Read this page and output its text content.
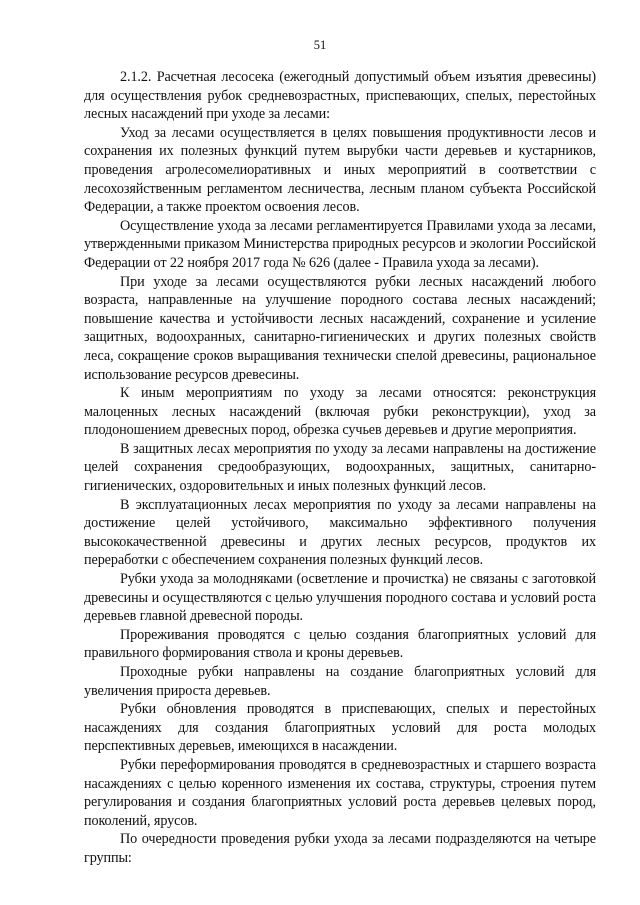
51

2.1.2. Расчетная лесосека (ежегодный допустимый объем изъятия древесины) для осуществления рубок средневозрастных, приспевающих, спелых, перестойных лесных насаждений при уходе за лесами:

Уход за лесами осуществляется в целях повышения продуктивности лесов и сохранения их полезных функций путем вырубки части деревьев и кустарников, проведения агролесомелиоративных и иных мероприятий в соответствии с лесохозяйственным регламентом лесничества, лесным планом субъекта Российской Федерации, а также проектом освоения лесов.

Осуществление ухода за лесами регламентируется Правилами ухода за лесами, утвержденными приказом Министерства природных ресурсов и экологии Российской Федерации от 22 ноября 2017 года № 626 (далее - Правила ухода за лесами).

При уходе за лесами осуществляются рубки лесных насаждений любого возраста, направленные на улучшение породного состава лесных насаждений; повышение качества и устойчивости лесных насаждений, сохранение и усиление защитных, водоохранных, санитарно-гигиенических и других полезных свойств леса, сокращение сроков выращивания технически спелой древесины, рациональное использование ресурсов древесины.

К иным мероприятиям по уходу за лесами относятся: реконструкция малоценных лесных насаждений (включая рубки реконструкции), уход за плодоношением древесных пород, обрезка сучьев деревьев и другие мероприятия.

В защитных лесах мероприятия по уходу за лесами направлены на достижение целей сохранения средообразующих, водоохранных, защитных, санитарно-гигиенических, оздоровительных и иных полезных функций лесов.

В эксплуатационных лесах мероприятия по уходу за лесами направлены на достижение целей устойчивого, максимально эффективного получения высококачественной древесины и других лесных ресурсов, продуктов их переработки с обеспечением сохранения полезных функций лесов.

Рубки ухода за молодняками (осветление и прочистка) не связаны с заготовкой древесины и осуществляются с целью улучшения породного состава и условий роста деревьев главной древесной породы.

Прореживания проводятся с целью создания благоприятных условий для правильного формирования ствола и кроны деревьев.

Проходные рубки направлены на создание благоприятных условий для увеличения прироста деревьев.

Рубки обновления проводятся в приспевающих, спелых и перестойных насаждениях для создания благоприятных условий для роста молодых перспективных деревьев, имеющихся в насаждении.

Рубки переформирования проводятся в средневозрастных и старшего возраста насаждениях с целью коренного изменения их состава, структуры, строения путем регулирования и создания благоприятных условий роста деревьев целевых пород, поколений, ярусов.

По очередности проведения рубки ухода за лесами подразделяются на четыре группы:
